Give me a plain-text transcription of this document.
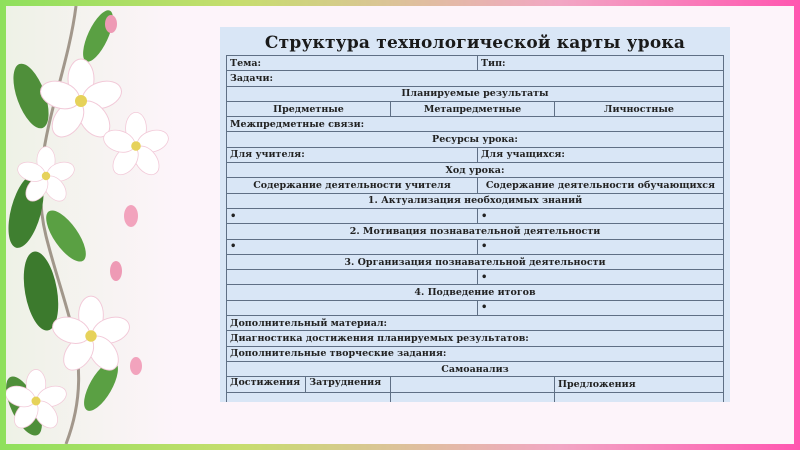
Структура технологической карты урока
Тема:		Тип:	
Задачи:			
Планируемые результаты			
Предметные	Метапредметные		Личностные
Межпредметные связи:			
Ресурсы урока:			
Для учителя:		Для учащихся:	
Ход урока:			
Содержание деятельности учителя		Содержание деятельности обучающихся	
1. Актуализация необходимых знаний			
•		•	
2. Мотивация познавательной деятельности			
•		•	
3. Организация познавательной деятельности			
		•	
4. Подведение итогов			
		•	
Дополнительный материал:			
Диагностика достижения планируемых результатов:			
Дополнительные творческие задания:			
Самоанализ			

Достижения Затруднения			Предложения
